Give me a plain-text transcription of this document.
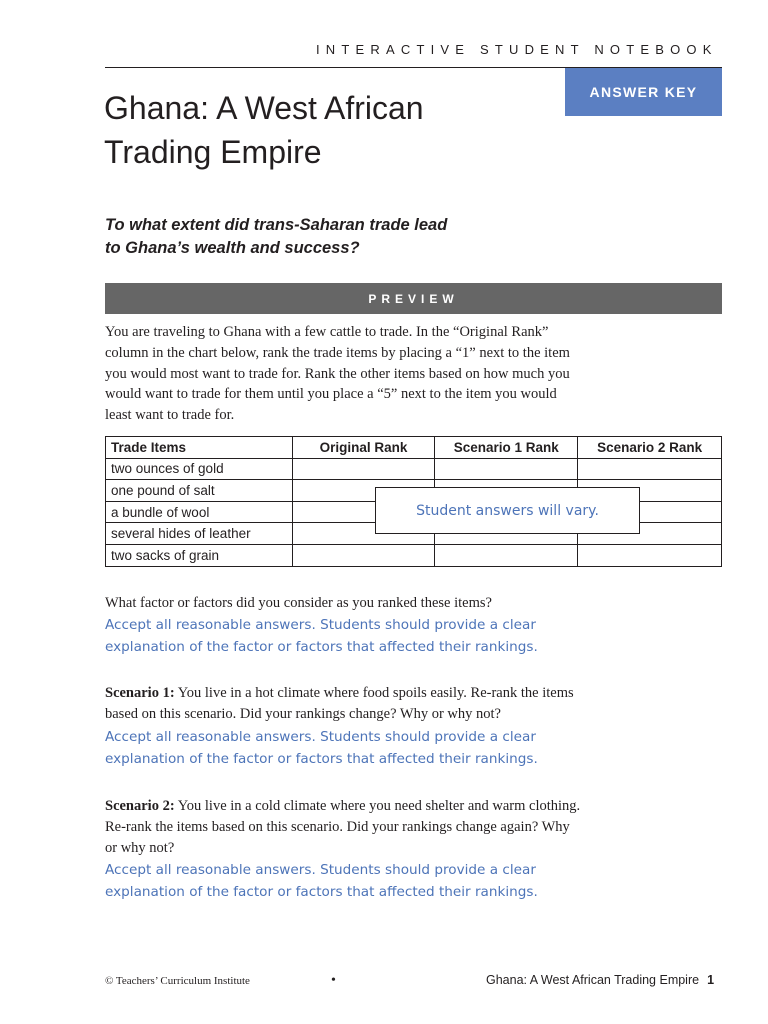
INTERACTIVE STUDENT NOTEBOOK
ANSWER KEY
Ghana: A West African
Trading Empire
To what extent did trans-Saharan trade lead
to Ghana’s wealth and success?
PREVIEW
You are traveling to Ghana with a few cattle to trade. In the “Original Rank”
column in the chart below, rank the trade items by placing a “1” next to the item
you would most want to trade for. Rank the other items based on how much you
would want to trade for them until you place a “5” next to the item you would
least want to trade for.
Trade Items	Original Rank	Scenario 1 Rank	Scenario 2 Rank
two ounces of gold			
one pound of salt			
a bundle of wool			
several hides of leather			
two sacks of grain			
Student answers will vary.
What factor or factors did you consider as you ranked these items?
Accept all reasonable answers. Students should provide a clear
explanation of the factor or factors that affected their rankings.
Scenario 1: You live in a hot climate where food spoils easily. Re-rank the items
based on this scenario. Did your rankings change? Why or why not?
Accept all reasonable answers. Students should provide a clear
explanation of the factor or factors that affected their rankings.
Scenario 2: You live in a cold climate where you need shelter and warm clothing.
Re-rank the items based on this scenario. Did your rankings change again? Why
or why not?
Accept all reasonable answers. Students should provide a clear
explanation of the factor or factors that affected their rankings.
© Teachers’ Curriculum Institute	•	Ghana: A West African Trading Empire 1
